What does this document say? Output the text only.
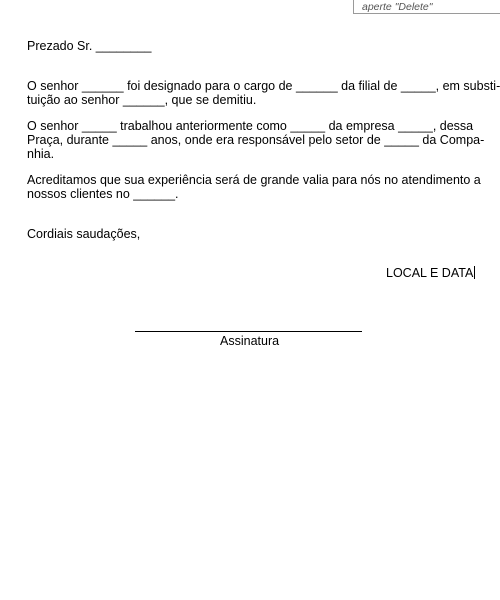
aperte "Delete"
Prezado Sr. ________
O senhor ______ foi designado para o cargo de ______ da filial de _____, em substi-
tuição ao senhor ______, que se demitiu.
O senhor _____ trabalhou anteriormente como _____ da empresa _____, dessa
Praça, durante _____ anos, onde era responsável pelo setor de _____ da Compa-
nhia.
Acreditamos que sua experiência será de grande valia para nós no atendimento a
nossos clientes no ______.
Cordiais saudações,
LOCAL E DATA
Assinatura
